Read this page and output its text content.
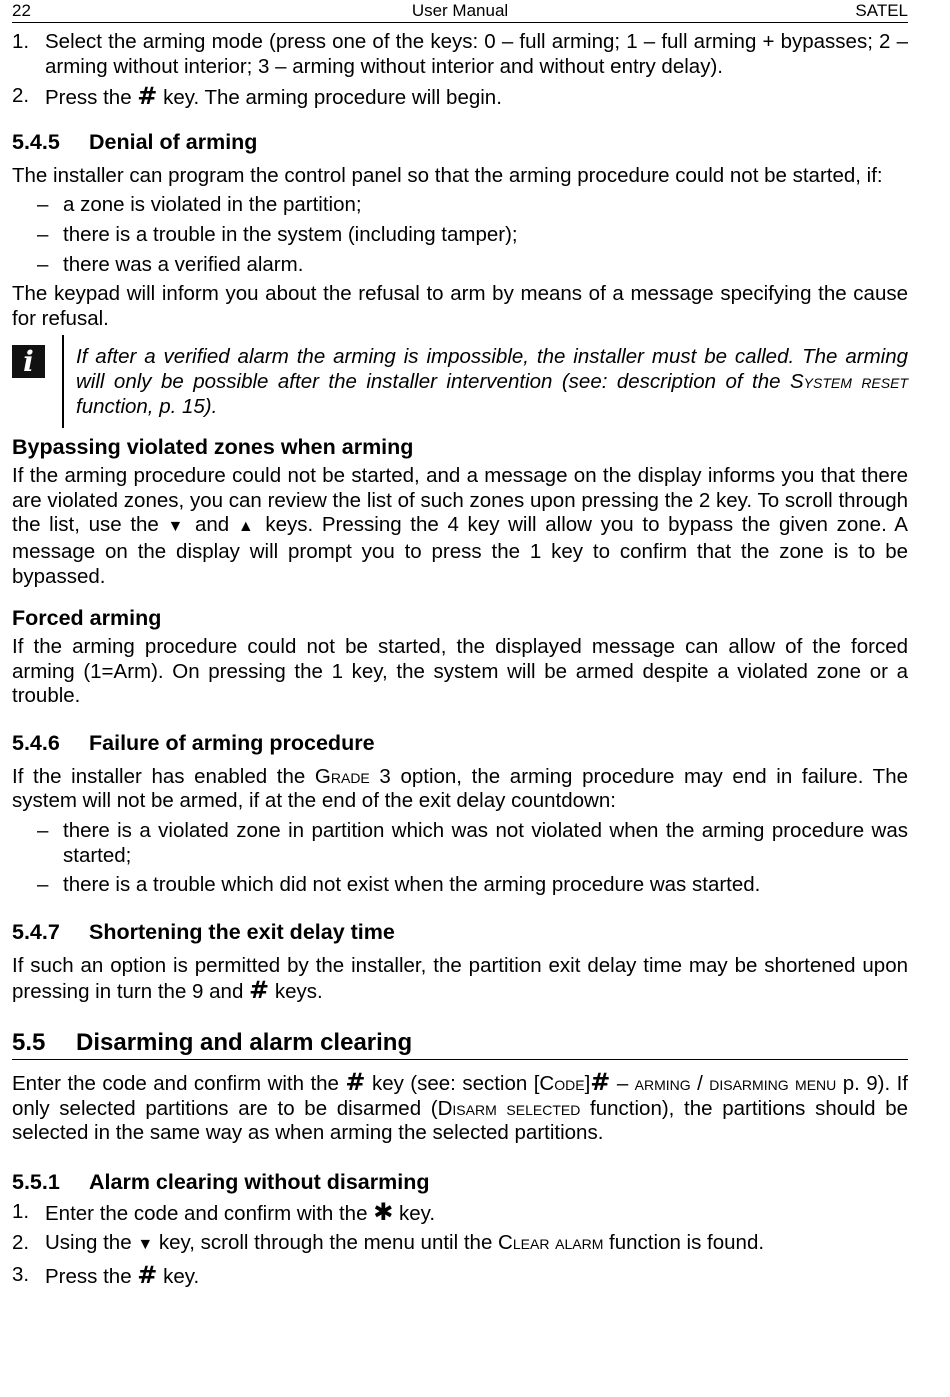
22	User Manual	SATEL
1. Select the arming mode (press one of the keys: 0 – full arming; 1 – full arming + bypasses; 2 – arming without interior; 3 – arming without interior and without entry delay).
2. Press the # key. The arming procedure will begin.
5.4.5	Denial of arming

The installer can program the control panel so that the arming procedure could not be started, if:

– a zone is violated in the partition;
– there is a trouble in the system (including tamper);
– there was a verified alarm.

The keypad will inform you about the refusal to arm by means of a message specifying the cause for refusal.

i	If after a verified alarm the arming is impossible, the installer must be called. The arming will only be possible after the installer intervention (see: description of the System reset function, p. 15).
Bypassing violated zones when arming

If the arming procedure could not be started, and a message on the display informs you that there are violated zones, you can review the list of such zones upon pressing the 2 key. To scroll through the list, use the ▼ and ▲ keys. Pressing the 4 key will allow you to bypass the given zone. A message on the display will prompt you to press the 1 key to confirm that the zone is to be bypassed.

Forced arming

If the arming procedure could not be started, the displayed message can allow of the forced arming (1=Arm). On pressing the 1 key, the system will be armed despite a violated zone or a trouble.

5.4.6	Failure of arming procedure

If the installer has enabled the Grade 3 option, the arming procedure may end in failure. The system will not be armed, if at the end of the exit delay countdown:

– there is a violated zone in partition which was not violated when the arming procedure was started;
– there is a trouble which did not exist when the arming procedure was started.
5.4.7	Shortening the exit delay time

If such an option is permitted by the installer, the partition exit delay time may be shortened upon pressing in turn the 9 and # keys.

5.5	Disarming and alarm clearing

Enter the code and confirm with the # key (see: section [Code]# – arming / disarming menu p. 9). If only selected partitions are to be disarmed (Disarm selected function), the partitions should be selected in the same way as when arming the selected partitions.

5.5.1	Alarm clearing without disarming
1. Enter the code and confirm with the ✱ key.
2. Using the ▼ key, scroll through the menu until the Clear alarm function is found.
3. Press the # key.
